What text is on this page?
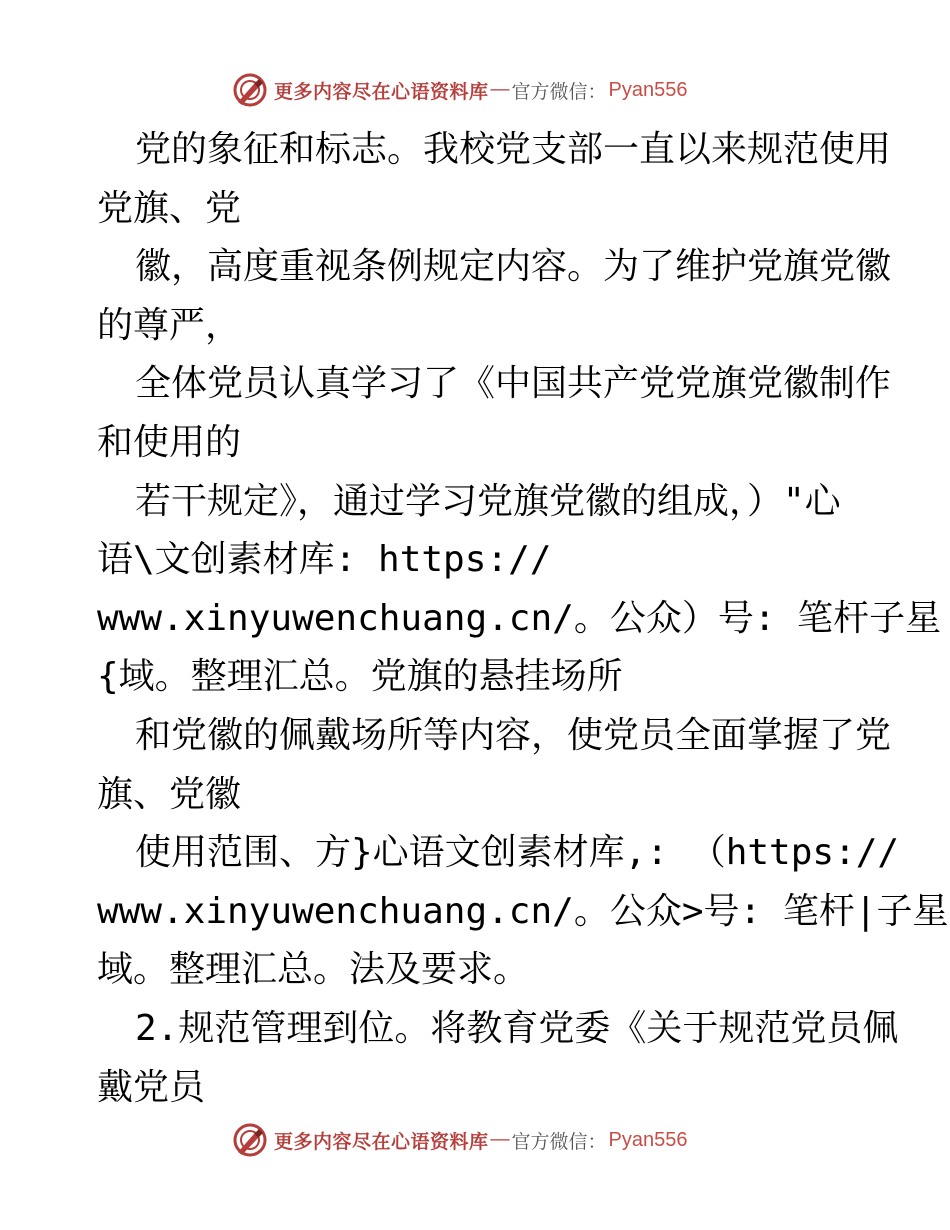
更多内容尽在心语资料库 — 官方微信： Pyan556
党的象征和标志。我校党支部一直以来规范使用
党旗、党
徽，高度重视条例规定内容。为了维护党旗党徽
的尊严，
全体党员认真学习了《中国共产党党旗党徽制作
和使用的
若干规定》，通过学习党旗党徽的组成，）"心
语\文创素材库: https://
www.xinyuwenchuang.cn/。公众）号: 笔杆子星
{域。整理汇总。党旗的悬挂场所
和党徽的佩戴场所等内容，使党员全面掌握了党
旗、党徽
使用范围、方}心语文创素材库,: （https://
www.xinyuwenchuang.cn/。公众>号: 笔杆|子星
域。整理汇总。法及要求。
2.规范管理到位。将教育党委《关于规范党员佩
戴党员
更多内容尽在心语资料库 — 官方微信： Pyan556
